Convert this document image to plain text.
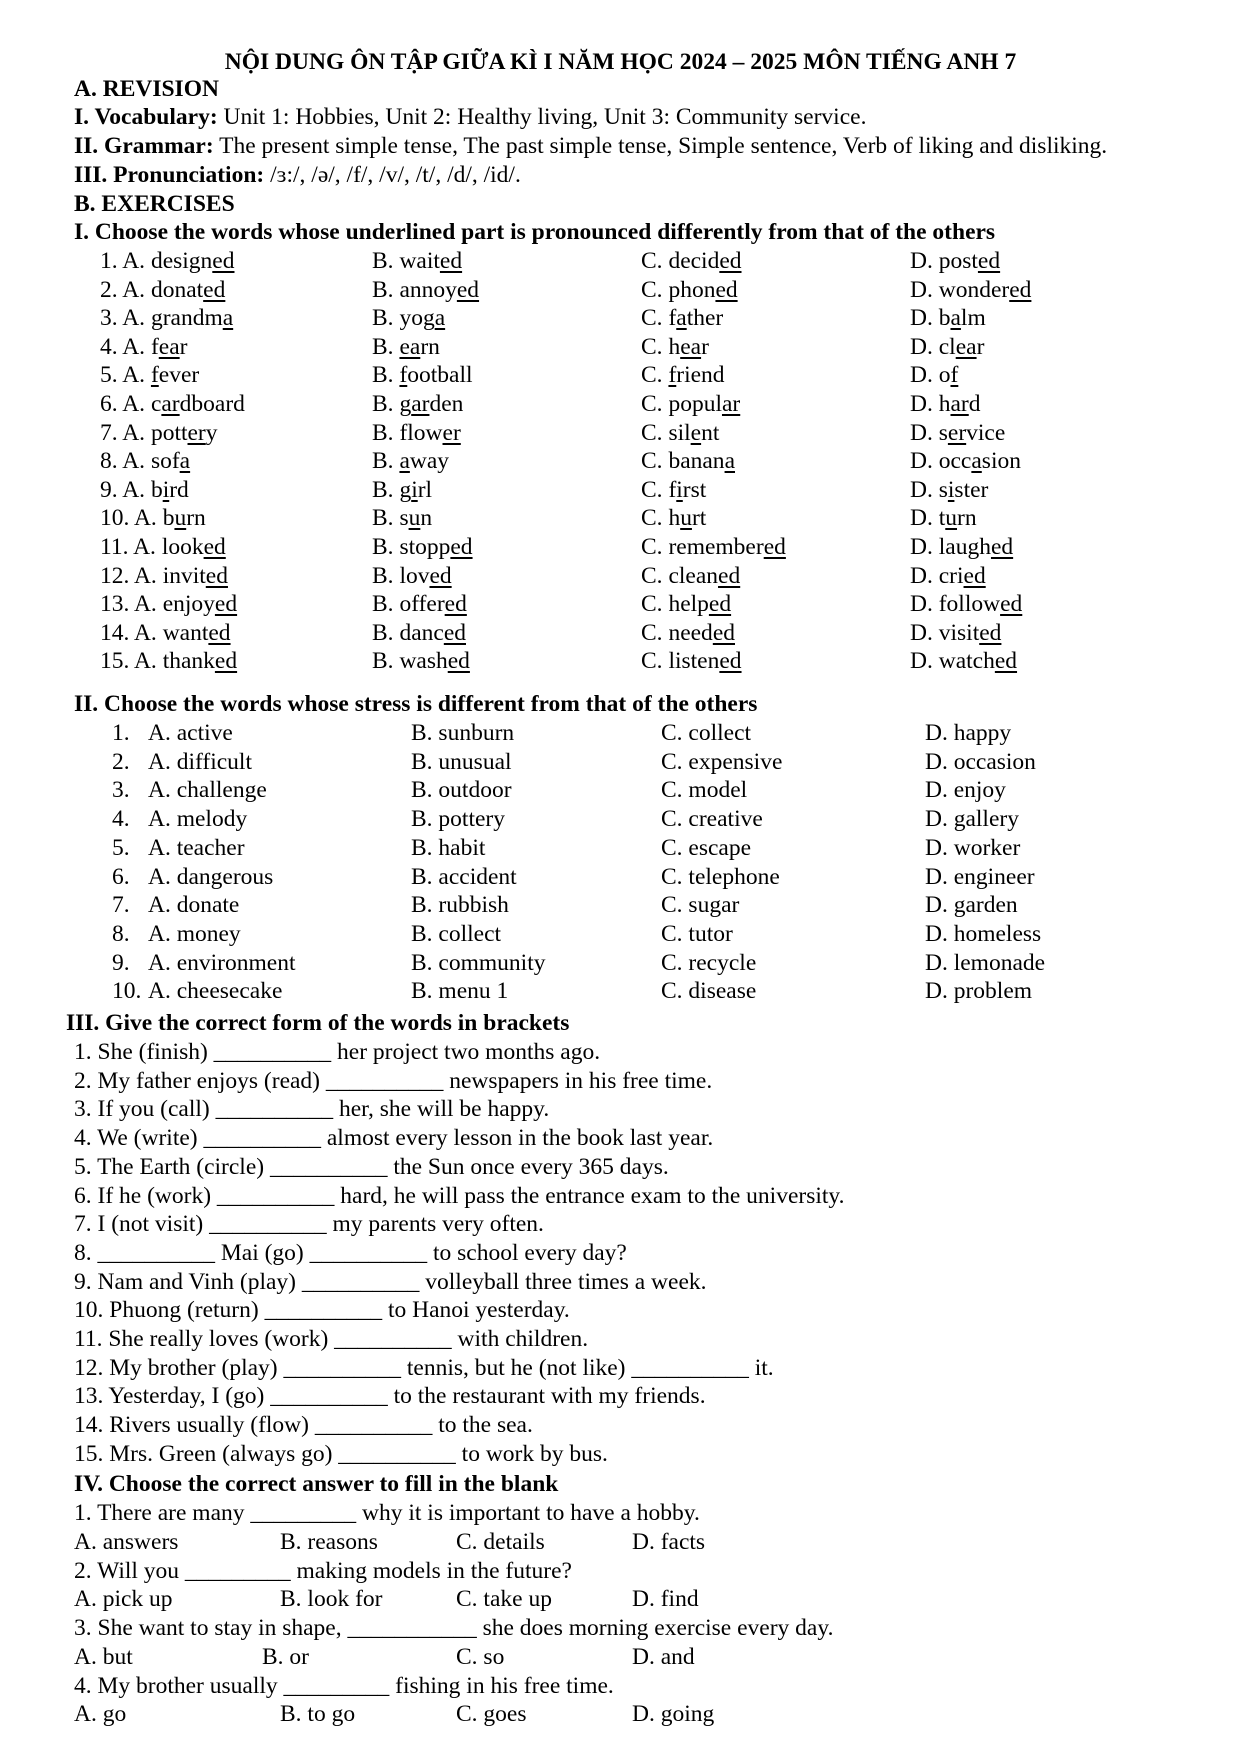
NỘI DUNG ÔN TẬP GIỮA KÌ I NĂM HỌC 2024 – 2025 MÔN TIẾNG ANH 7
A. REVISION
I. Vocabulary: Unit 1: Hobbies, Unit 2: Healthy living, Unit 3: Community service.
II. Grammar: The present simple tense, The past simple tense, Simple sentence, Verb of liking and disliking.
III. Pronunciation: /ɜ:/, /ə/, /f/, /v/, /t/, /d/, /id/.
B. EXERCISES
I. Choose the words whose underlined part is pronounced differently from that of the others
1. A. designed	B. waited	C. decided	D. posted
2. A. donated	B. annoyed	C. phoned	D. wondered
3. A. grandma	B. yoga	C. father	D. balm
4. A. fear	B. earn	C. hear	D. clear
5. A. fever	B. football	C. friend	D. of
6. A. cardboard	B. garden	C. popular	D. hard
7. A. pottery	B. flower	C. silent	D. service
8. A. sofa	B. away	C. banana	D. occasion
9. A. bird	B. girl	C. first	D. sister
10. A. burn	B. sun	C. hurt	D. turn
11. A. looked	B. stopped	C. remembered	D. laughed
12. A. invited	B. loved	C. cleaned	D. cried
13. A. enjoyed	B. offered	C. helped	D. followed
14. A. wanted	B. danced	C. needed	D. visited
15. A. thanked	B. washed	C. listened	D. watched
II. Choose the words whose stress is different from that of the others
1. A. active	B. sunburn	C. collect	D. happy
2. A. difficult	B. unusual	C. expensive	D. occasion
3. A. challenge	B. outdoor	C. model	D. enjoy
4. A. melody	B. pottery	C. creative	D. gallery
5. A. teacher	B. habit	C. escape	D. worker
6. A. dangerous	B. accident	C. telephone	D. engineer
7. A. donate	B. rubbish	C. sugar	D. garden
8. A. money	B. collect	C. tutor	D. homeless
9. A. environment	B. community	C. recycle	D. lemonade
10. A. cheesecake	B. menu 1	C. disease	D. problem
III. Give the correct form of the words in brackets
1. She (finish) __________ her project two months ago.
2. My father enjoys (read) __________ newspapers in his free time.
3. If you (call) __________ her, she will be happy.
4. We (write) __________ almost every lesson in the book last year.
5. The Earth (circle) __________ the Sun once every 365 days.
6. If he (work) __________ hard, he will pass the entrance exam to the university.
7. I (not visit) __________ my parents very often.
8. __________ Mai (go) __________ to school every day?
9. Nam and Vinh (play) __________ volleyball three times a week.
10. Phuong (return) __________ to Hanoi yesterday.
11. She really loves (work) __________ with children.
12. My brother (play) __________ tennis, but he (not like) __________ it.
13. Yesterday, I (go) __________ to the restaurant with my friends.
14. Rivers usually (flow) __________ to the sea.
15. Mrs. Green (always go) __________ to work by bus.
IV. Choose the correct answer to fill in the blank
1. There are many _________ why it is important to have a hobby.
A. answers	B. reasons	C. details	D. facts
2. Will you _________ making models in the future?
A. pick up	B. look for	C. take up	D. find
3. She want to stay in shape, ___________ she does morning exercise every day.
A. but	B. or	C. so	D. and
4. My brother usually _________ fishing in his free time.
A. go	B. to go	C. goes	D. going
